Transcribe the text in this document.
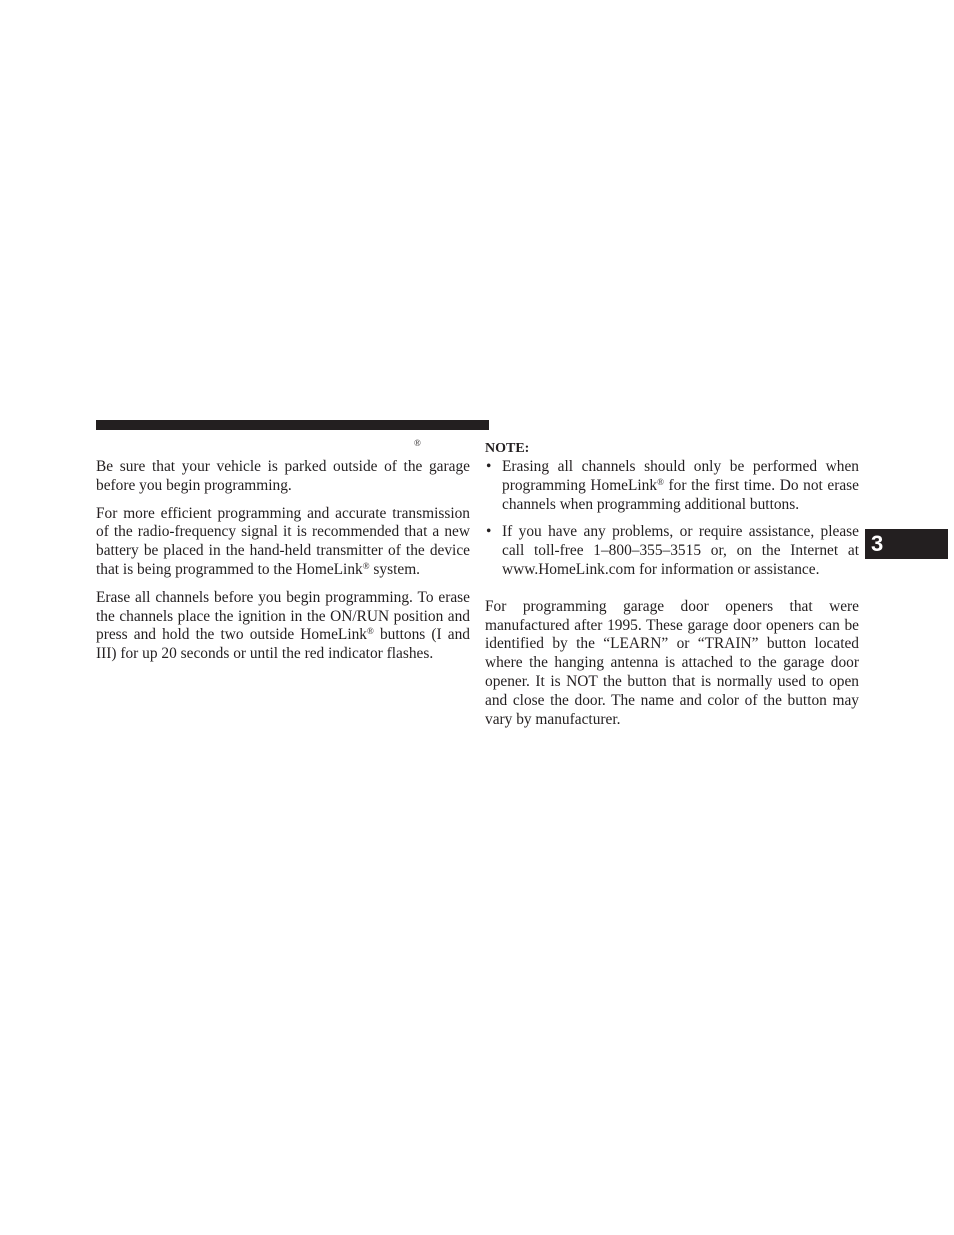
®

Be sure that your vehicle is parked outside of the garage before you begin programming.

For more efficient programming and accurate transmission of the radio-frequency signal it is recommended that a new battery be placed in the hand-held transmitter of the device that is being programmed to the HomeLink® system.

Erase all channels before you begin programming. To erase the channels place the ignition in the ON/RUN position and press and hold the two outside HomeLink® buttons (I and III) for up 20 seconds or until the red indicator flashes.

NOTE:
• Erasing all channels should only be performed when programming HomeLink® for the first time. Do not erase channels when programming additional buttons.

• If you have any problems, or require assistance, please call toll-free 1–800–355–3515 or, on the Internet at www.HomeLink.com for information or assistance.

For programming garage door openers that were manufactured after 1995. These garage door openers can be identified by the “LEARN” or “TRAIN” button located where the hanging antenna is attached to the garage door opener. It is NOT the button that is normally used to open and close the door. The name and color of the button may vary by manufacturer.

3
